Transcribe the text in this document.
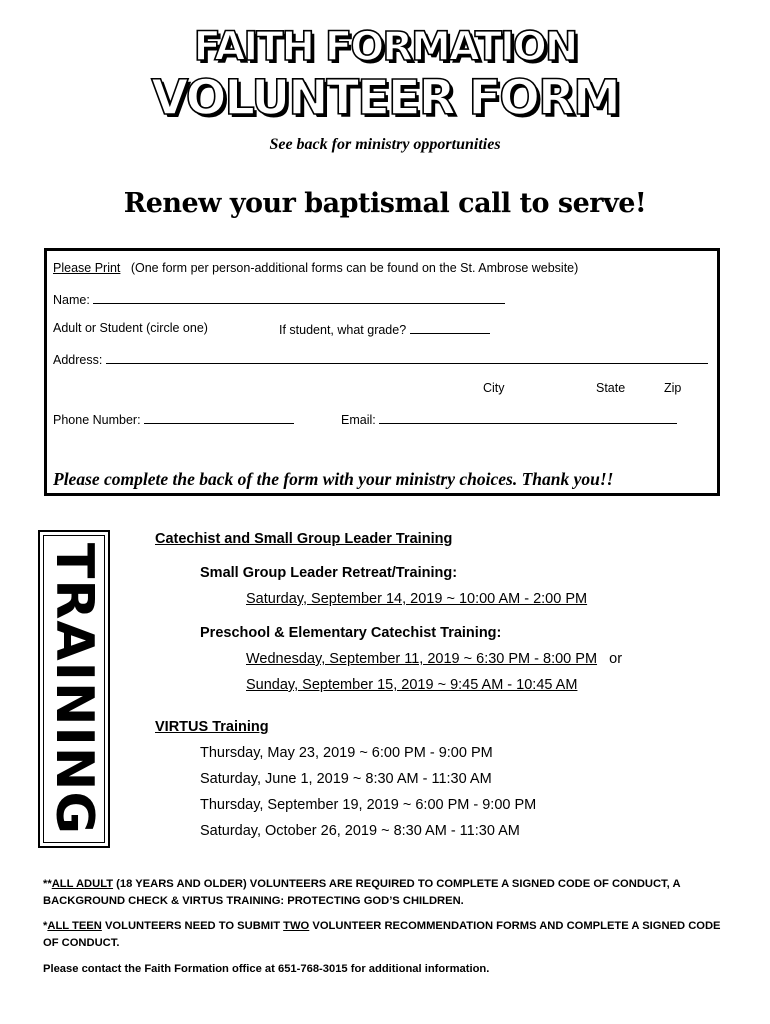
FAITH FORMATION
VOLUNTEER FORM
See back for ministry opportunities
Renew your baptismal call to serve!
Please Print (One form per person-additional forms can be found on the St. Ambrose website)
Name:
Adult or Student (circle one)	If student, what grade?
Address:
City	State	Zip
Phone Number:	Email:
Please complete the back of the form with your ministry choices. Thank you!!
TRAINING
Catechist and Small Group Leader Training
Small Group Leader Retreat/Training:
Saturday, September 14, 2019 ~ 10:00 AM - 2:00 PM
Preschool & Elementary Catechist Training:
Wednesday, September 11, 2019 ~ 6:30 PM - 8:00 PM or
Sunday, September 15, 2019 ~ 9:45 AM - 10:45 AM
VIRTUS Training
Thursday, May 23, 2019 ~ 6:00 PM - 9:00 PM
Saturday, June 1, 2019 ~ 8:30 AM - 11:30 AM
Thursday, September 19, 2019 ~ 6:00 PM - 9:00 PM
Saturday, October 26, 2019 ~ 8:30 AM - 11:30 AM
**ALL ADULT (18 YEARS AND OLDER) VOLUNTEERS ARE REQUIRED TO COMPLETE A SIGNED CODE OF CONDUCT, A BACKGROUND CHECK & VIRTUS TRAINING: PROTECTING GOD’S CHILDREN.
*ALL TEEN VOLUNTEERS NEED TO SUBMIT TWO VOLUNTEER RECOMMENDATION FORMS AND COMPLETE A SIGNED CODE OF CONDUCT.
Please contact the Faith Formation office at 651-768-3015 for additional information.
